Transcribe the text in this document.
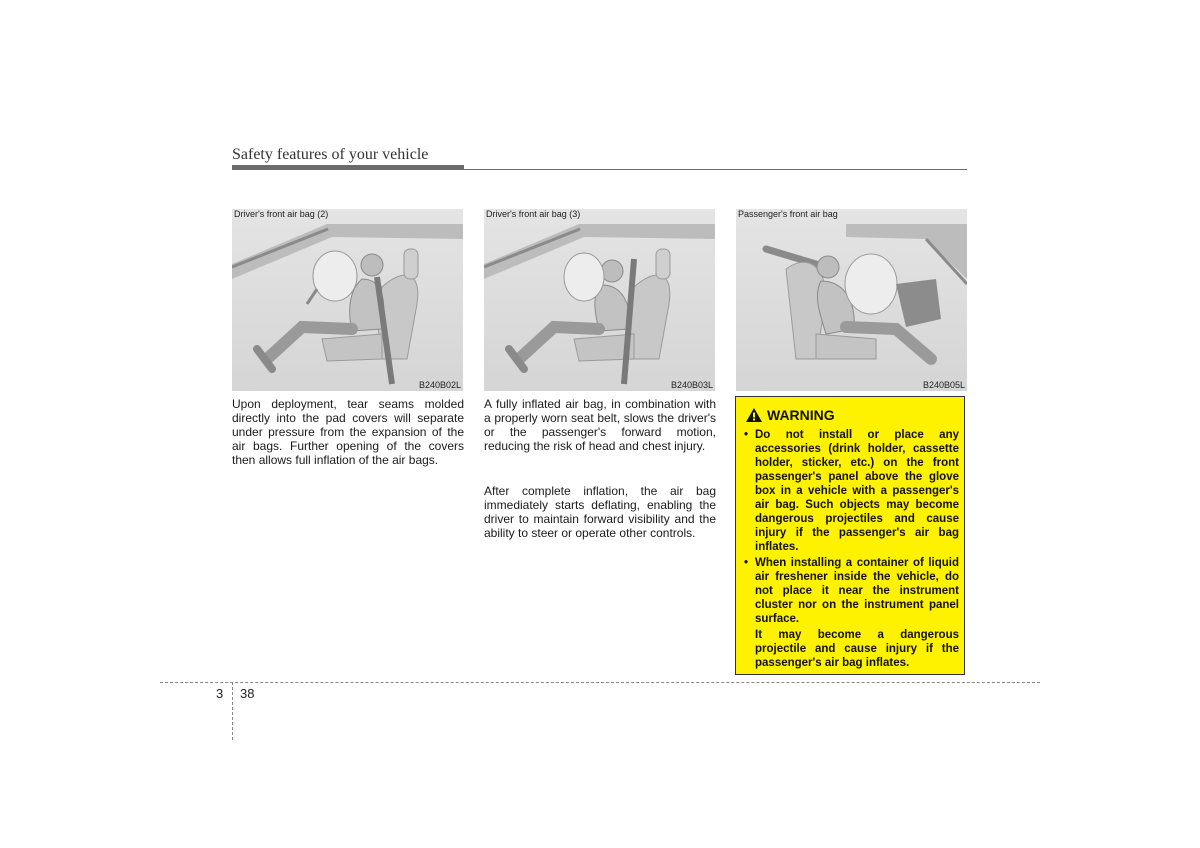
Safety features of your vehicle
Driver's front air bag (2)
B240B02L
Driver's front air bag (3)
B240B03L
Passenger's front air bag
B240B05L

Upon deployment, tear seams molded directly into the pad covers will separate under pressure from the expansion of the air bags. Further opening of the covers then allows full inflation of the air bags.

A fully inflated air bag, in combination with a properly worn seat belt, slows the driver's or the passenger's forward motion, reducing the risk of head and chest injury.

After complete inflation, the air bag immediately starts deflating, enabling the driver to maintain forward visibility and the ability to steer or operate other controls.

WARNING
• Do not install or place any accessories (drink holder, cassette holder, sticker, etc.) on the front passenger's panel above the glove box in a vehicle with a passenger's air bag. Such objects may become dangerous projectiles and cause injury if the passenger's air bag inflates.
• When installing a container of liquid air freshener inside the vehicle, do not place it near the instrument cluster nor on the instrument panel surface.
It may become a dangerous projectile and cause injury if the passenger's air bag inflates.
3 38
